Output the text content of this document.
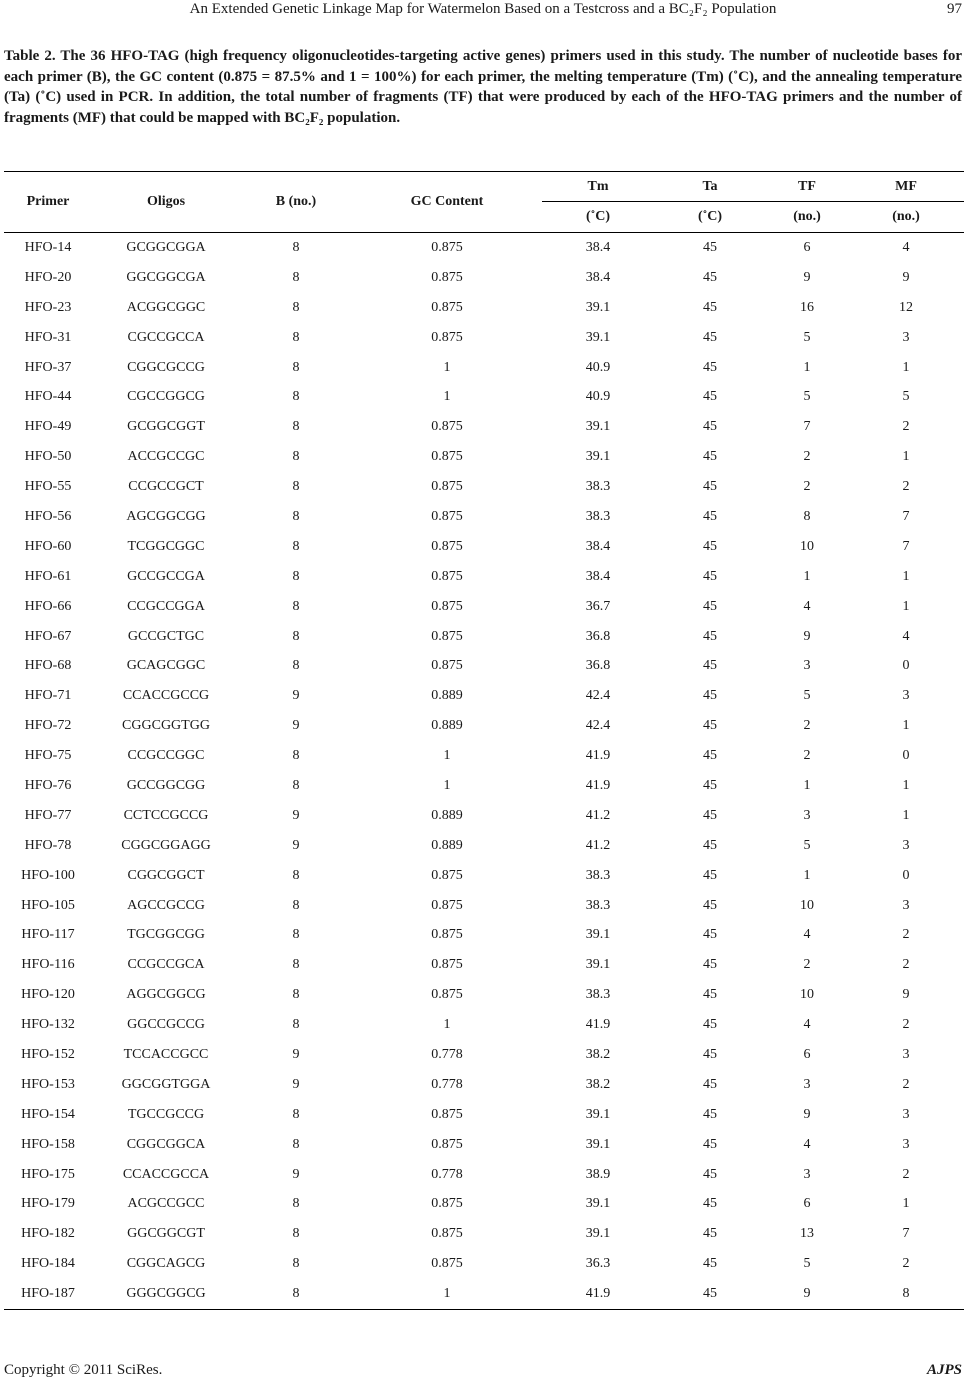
An Extended Genetic Linkage Map for Watermelon Based on a Testcross and a BC₂F₂ Population	97
Table 2. The 36 HFO-TAG (high frequency oligonucleotides-targeting active genes) primers used in this study. The number of nucleotide bases for each primer (B), the GC content (0.875 = 87.5% and 1 = 100%) for each primer, the melting temperature (Tm) (˚C), and the annealing temperature (Ta) (˚C) used in PCR. In addition, the total number of fragments (TF) that were produced by each of the HFO-TAG primers and the number of fragments (MF) that could be mapped with BC₂F₂ population.
Primer	Oligos	B (no.)	GC Content	Tm	Ta	TF	MF
				(˚C)	(˚C)	(no.)	(no.)
HFO-14	GCGGCGGA	8	0.875	38.4	45	6	4
HFO-20	GGCGGCGA	8	0.875	38.4	45	9	9
HFO-23	ACGGCGGC	8	0.875	39.1	45	16	12
HFO-31	CGCCGCCA	8	0.875	39.1	45	5	3
HFO-37	CGGCGCCG	8	1	40.9	45	1	1
HFO-44	CGCCGGCG	8	1	40.9	45	5	5
HFO-49	GCGGCGGT	8	0.875	39.1	45	7	2
HFO-50	ACCGCCGC	8	0.875	39.1	45	2	1
HFO-55	CCGCCGCT	8	0.875	38.3	45	2	2
HFO-56	AGCGGCGG	8	0.875	38.3	45	8	7
HFO-60	TCGGCGGC	8	0.875	38.4	45	10	7
HFO-61	GCCGCCGA	8	0.875	38.4	45	1	1
HFO-66	CCGCCGGA	8	0.875	36.7	45	4	1
HFO-67	GCCGCTGC	8	0.875	36.8	45	9	4
HFO-68	GCAGCGGC	8	0.875	36.8	45	3	0
HFO-71	CCACCGCCG	9	0.889	42.4	45	5	3
HFO-72	CGGCGGTGG	9	0.889	42.4	45	2	1
HFO-75	CCGCCGGC	8	1	41.9	45	2	0
HFO-76	GCCGGCGG	8	1	41.9	45	1	1
HFO-77	CCTCCGCCG	9	0.889	41.2	45	3	1
HFO-78	CGGCGGAGG	9	0.889	41.2	45	5	3
HFO-100	CGGCGGCT	8	0.875	38.3	45	1	0
HFO-105	AGCCGCCG	8	0.875	38.3	45	10	3
HFO-117	TGCGGCGG	8	0.875	39.1	45	4	2
HFO-116	CCGCCGCA	8	0.875	39.1	45	2	2
HFO-120	AGGCGGCG	8	0.875	38.3	45	10	9
HFO-132	GGCCGCCG	8	1	41.9	45	4	2
HFO-152	TCCACCGCC	9	0.778	38.2	45	6	3
HFO-153	GGCGGTGGA	9	0.778	38.2	45	3	2
HFO-154	TGCCGCCG	8	0.875	39.1	45	9	3
HFO-158	CGGCGGCA	8	0.875	39.1	45	4	3
HFO-175	CCACCGCCA	9	0.778	38.9	45	3	2
HFO-179	ACGCCGCC	8	0.875	39.1	45	6	1
HFO-182	GGCGGCGT	8	0.875	39.1	45	13	7
HFO-184	CGGCAGCG	8	0.875	36.3	45	5	2
HFO-187	GGGCGGCG	8	1	41.9	45	9	8
Copyright © 2011 SciRes.	AJPS
